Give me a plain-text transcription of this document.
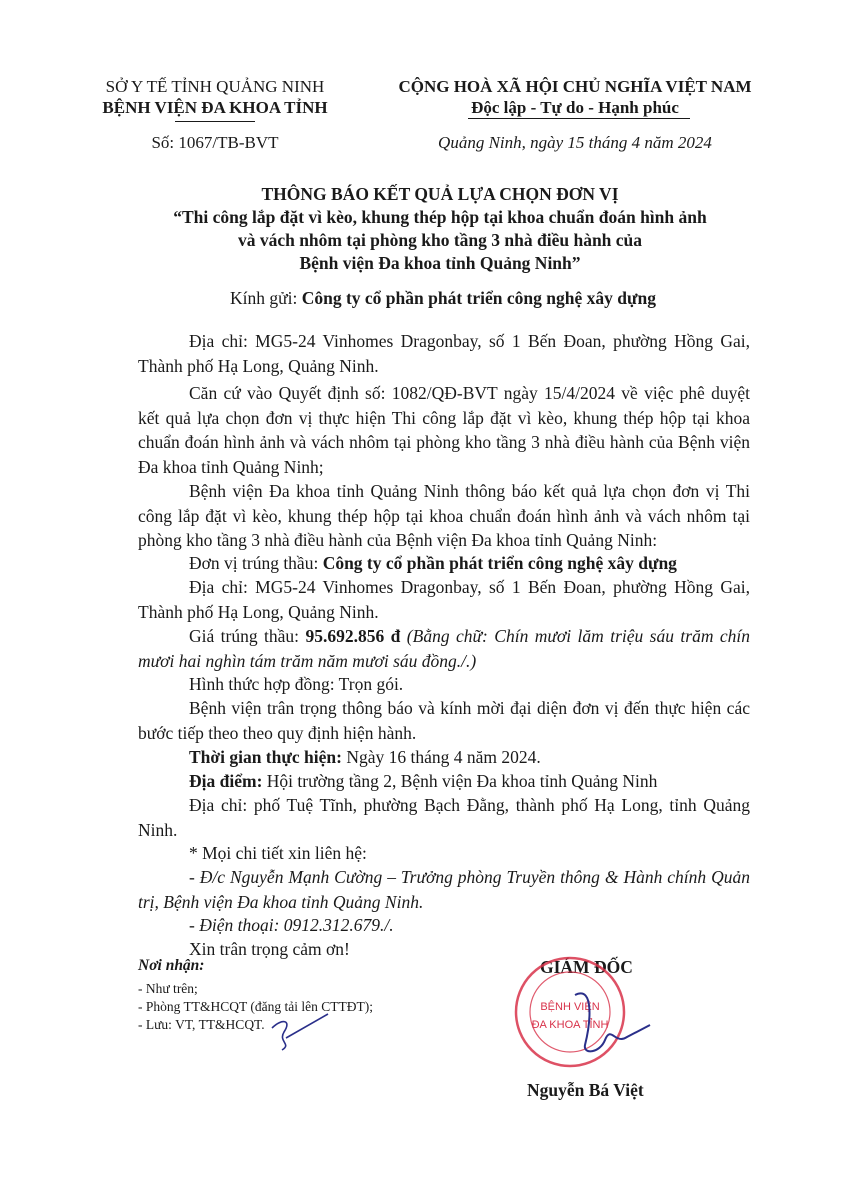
SỞ Y TẾ TỈNH QUẢNG NINH
BỆNH VIỆN ĐA KHOA TỈNH
Số: 1067/TB-BVT
CỘNG HOÀ XÃ HỘI CHỦ NGHĨA VIỆT NAM
Độc lập - Tự do - Hạnh phúc
Quảng Ninh, ngày 15 tháng 4 năm 2024
THÔNG BÁO KẾT QUẢ LỰA CHỌN ĐƠN VỊ
“Thi công lắp đặt vì kèo, khung thép hộp tại khoa chuẩn đoán hình ảnh
và vách nhôm tại phòng kho tầng 3 nhà điều hành của
Bệnh viện Đa khoa tỉnh Quảng Ninh”
Kính gửi: Công ty cổ phần phát triển công nghệ xây dựng
Địa chỉ: MG5-24 Vinhomes Dragonbay, số 1 Bến Đoan, phường Hồng Gai, Thành phố Hạ Long, Quảng Ninh.
Căn cứ vào Quyết định số: 1082/QĐ-BVT ngày 15/4/2024 về việc phê duyệt kết quả lựa chọn đơn vị thực hiện Thi công lắp đặt vì kèo, khung thép hộp tại khoa chuẩn đoán hình ảnh và vách nhôm tại phòng kho tầng 3 nhà điều hành của Bệnh viện Đa khoa tỉnh Quảng Ninh;
Bệnh viện Đa khoa tỉnh Quảng Ninh thông báo kết quả lựa chọn đơn vị Thi công lắp đặt vì kèo, khung thép hộp tại khoa chuẩn đoán hình ảnh và vách nhôm tại phòng kho tầng 3 nhà điều hành của Bệnh viện Đa khoa tỉnh Quảng Ninh:
Đơn vị trúng thầu: Công ty cổ phần phát triển công nghệ xây dựng
Địa chỉ: MG5-24 Vinhomes Dragonbay, số 1 Bến Đoan, phường Hồng Gai, Thành phố Hạ Long, Quảng Ninh.
Giá trúng thầu: 95.692.856 đ (Bằng chữ: Chín mươi lăm triệu sáu trăm chín mươi hai nghìn tám trăm năm mươi sáu đồng./.)
Hình thức hợp đồng: Trọn gói.
Bệnh viện trân trọng thông báo và kính mời đại diện đơn vị đến thực hiện các bước tiếp theo theo quy định hiện hành.
Thời gian thực hiện: Ngày 16 tháng 4 năm 2024.
Địa điểm: Hội trường tầng 2, Bệnh viện Đa khoa tỉnh Quảng Ninh
Địa chỉ: phố Tuệ Tĩnh, phường Bạch Đằng, thành phố Hạ Long, tỉnh Quảng Ninh.
* Mọi chi tiết xin liên hệ:
- Đ/c Nguyễn Mạnh Cường – Trưởng phòng Truyền thông & Hành chính Quản trị, Bệnh viện Đa khoa tỉnh Quảng Ninh.
- Điện thoại: 0912.312.679./.
Xin trân trọng cảm ơn!
Nơi nhận:
- Như trên;
- Phòng TT&HCQT (đăng tải lên CTTĐT);
- Lưu: VT, TT&HCQT.
GIÁM ĐỐC
BỆNH VIỆN
ĐA KHOA TỈNH
Nguyễn Bá Việt
